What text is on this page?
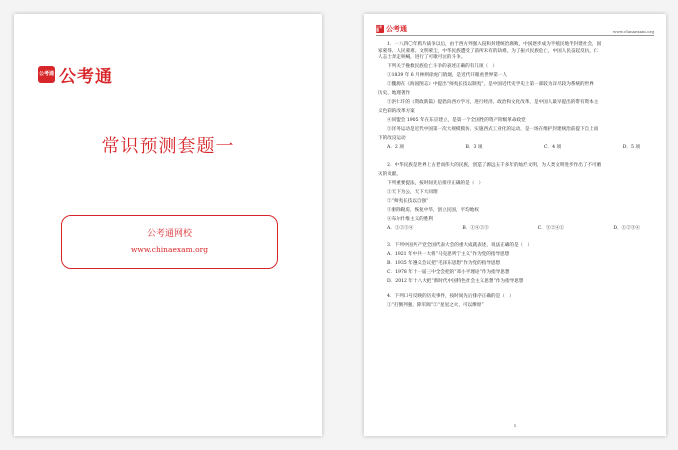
公考通 公考通
常识预测套题一
公考通网校
www.chinaexam.org
公考通 公考通	www.chinaexam.org

1．一八四〇年鸦片战争以后，由于西方列强入侵和封建统治腐败，中国逐步成为半殖民地半封建社会，国

家蒙辱、人民蒙难、文明蒙尘，中华民族遭受了前所未有的劫难。为了振兴民族危亡，中国人民奋起反抗，仁

人志士奔走呐喊，进行了可歌可泣的斗争。

下列关于挽救民族危亡斗争的表述正确的有几项（   ）

①1839 年 6 月林则徐虎门销烟，是近代开眼看世界第一人

②魏源在《海国图志》中提出“师夷长技以制夷”，是中国近代史学史上第一部较为详尽较为系统的世界

历史、地理著作

③洪仁玕的《资政新篇》提倡向西方学习，进行经济、政治和文化改革，是中国人最早提出的带有资本主

义色彩的改革方案

④同盟会 1905 年在东京建立，是第一个全国性的资产阶级革命政党

⑤洋务运动是近代中国第一次大规模模仿、实施西式工业化的运动，是一场在维护封建统治前提下自上而

下的改良运动

A．2 项	B．3 项	C．4 项	D．5 项

2．中华民族是世界上古老而伟大的民族，创造了源远五千多年的灿烂文明，为人类文明进步作出了不可磨

灭的贡献。

下列重要提法，按时间先后排序正确的是（   ）

①天下为公，天下大同理

②“师夷长技以自强”

③驱除鞑虏，恢复中华，创立民国，平均地权

④布尔什维主义的胜利

A．①②③④	B．①④②③	C．③②④①	D．①②③④

3．下列中国共产党全国代表大会的重大成就表述，说法正确的是（   ）

A．1921 年中共一大将“马克思列宁主义”作为党的指导思想

B．1935 年遵义会议把“毛泽东思想”作为党的指导思想

C．1978 年十一届三中全会把的“邓小平理论”作为指导思想

D．2012 年十八大把“新时代中国特色社会主义思想”作为指导思想

4．下列口号反映的历史事件，按时间先后排序正确的是（   ）

①“打倒列强，除军阀”②“星星之火，可以燎原”

1
